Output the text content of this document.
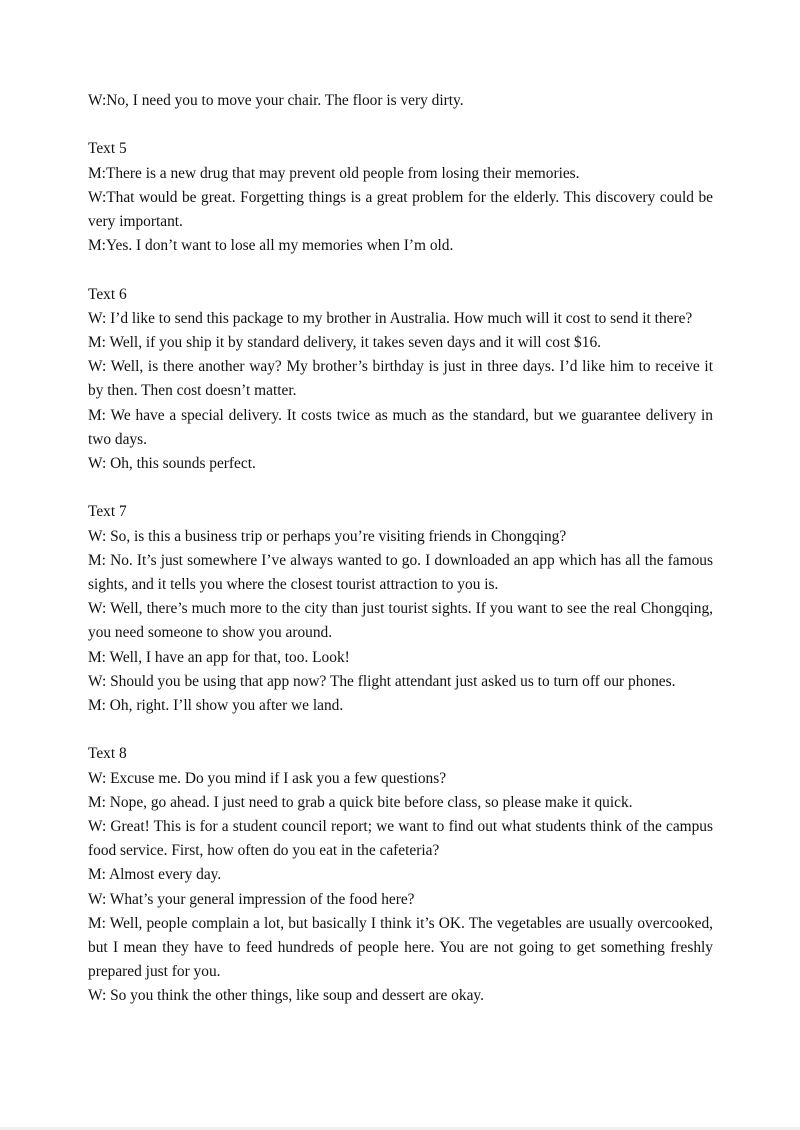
W:No, I need you to move your chair. The floor is very dirty.

Text 5

M:There is a new drug that may prevent old people from losing their memories.

W:That would be great. Forgetting things is a great problem for the elderly. This discovery could be very important.

M:Yes. I don’t want to lose all my memories when I’m old.

Text 6

W: I’d like to send this package to my brother in Australia. How much will it cost to send it there?

M: Well, if you ship it by standard delivery, it takes seven days and it will cost $16.

W: Well, is there another way? My brother’s birthday is just in three days. I’d like him to receive it by then. Then cost doesn’t matter.

M: We have a special delivery. It costs twice as much as the standard, but we guarantee delivery in two days.

W: Oh, this sounds perfect.

Text 7

W: So, is this a business trip or perhaps you’re visiting friends in Chongqing?

M: No. It’s just somewhere I’ve always wanted to go. I downloaded an app which has all the famous sights, and it tells you where the closest tourist attraction to you is.

W: Well, there’s much more to the city than just tourist sights. If you want to see the real Chongqing, you need someone to show you around.

M: Well, I have an app for that, too. Look!

W: Should you be using that app now? The flight attendant just asked us to turn off our phones.

M: Oh, right. I’ll show you after we land.

Text 8

W: Excuse me. Do you mind if I ask you a few questions?

M: Nope, go ahead. I just need to grab a quick bite before class, so please make it quick.

W: Great! This is for a student council report; we want to find out what students think of the campus food service. First, how often do you eat in the cafeteria?

M: Almost every day.

W: What’s your general impression of the food here?

M: Well, people complain a lot, but basically I think it’s OK. The vegetables are usually overcooked, but I mean they have to feed hundreds of people here. You are not going to get something freshly prepared just for you.

W: So you think the other things, like soup and dessert are okay.
